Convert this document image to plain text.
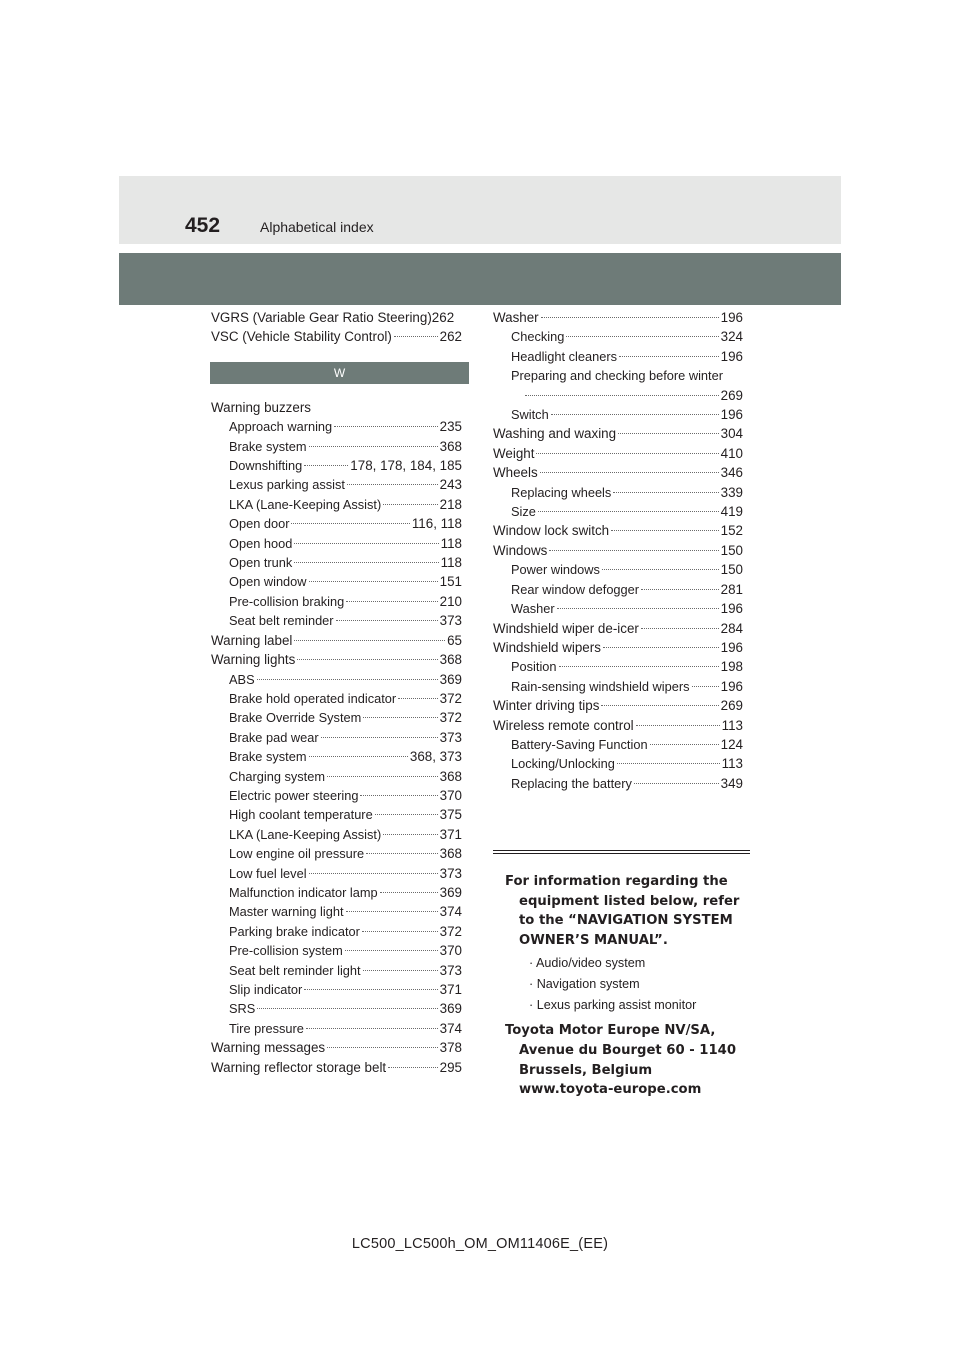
452	Alphabetical index
VGRS (Variable Gear Ratio Steering) 262
VSC (Vehicle Stability Control)	262
W
Warning buzzers
Approach warning	235
Brake system	368
Downshifting	178, 178, 184, 185
Lexus parking assist	243
LKA (Lane-Keeping Assist)	218
Open door	116, 118
Open hood	118
Open trunk	118
Open window	151
Pre-collision braking	210
Seat belt reminder	373
Warning label	65
Warning lights	368
ABS	369
Brake hold operated indicator	372
Brake Override System	372
Brake pad wear	373
Brake system	368, 373
Charging system	368
Electric power steering	370
High coolant temperature	375
LKA (Lane-Keeping Assist)	371
Low engine oil pressure	368
Low fuel level	373
Malfunction indicator lamp	369
Master warning light	374
Parking brake indicator	372
Pre-collision system	370
Seat belt reminder light	373
Slip indicator	371
SRS	369
Tire pressure	374
Warning messages	378
Warning reflector storage belt	295
Washer	196
Checking	324
Headlight cleaners	196
Preparing and checking before winter
269
Switch	196
Washing and waxing	304
Weight	410
Wheels	346
Replacing wheels	339
Size	419
Window lock switch	152
Windows	150
Power windows	150
Rear window defogger	281
Washer	196
Windshield wiper de-icer	284
Windshield wipers	196
Position	198
Rain-sensing windshield wipers 196
Winter driving tips	269
Wireless remote control	113
Battery-Saving Function	124
Locking/Unlocking	113
Replacing the battery	349
For information regarding the equipment listed below, refer to the “NAVIGATION SYSTEM OWNER’S MANUAL”.
· Audio/video system
· Navigation system
· Lexus parking assist monitor
Toyota Motor Europe NV/SA, Avenue du Bourget 60 - 1140 Brussels, Belgium
www.toyota-europe.com
LC500_LC500h_OM_OM11406E_(EE)
